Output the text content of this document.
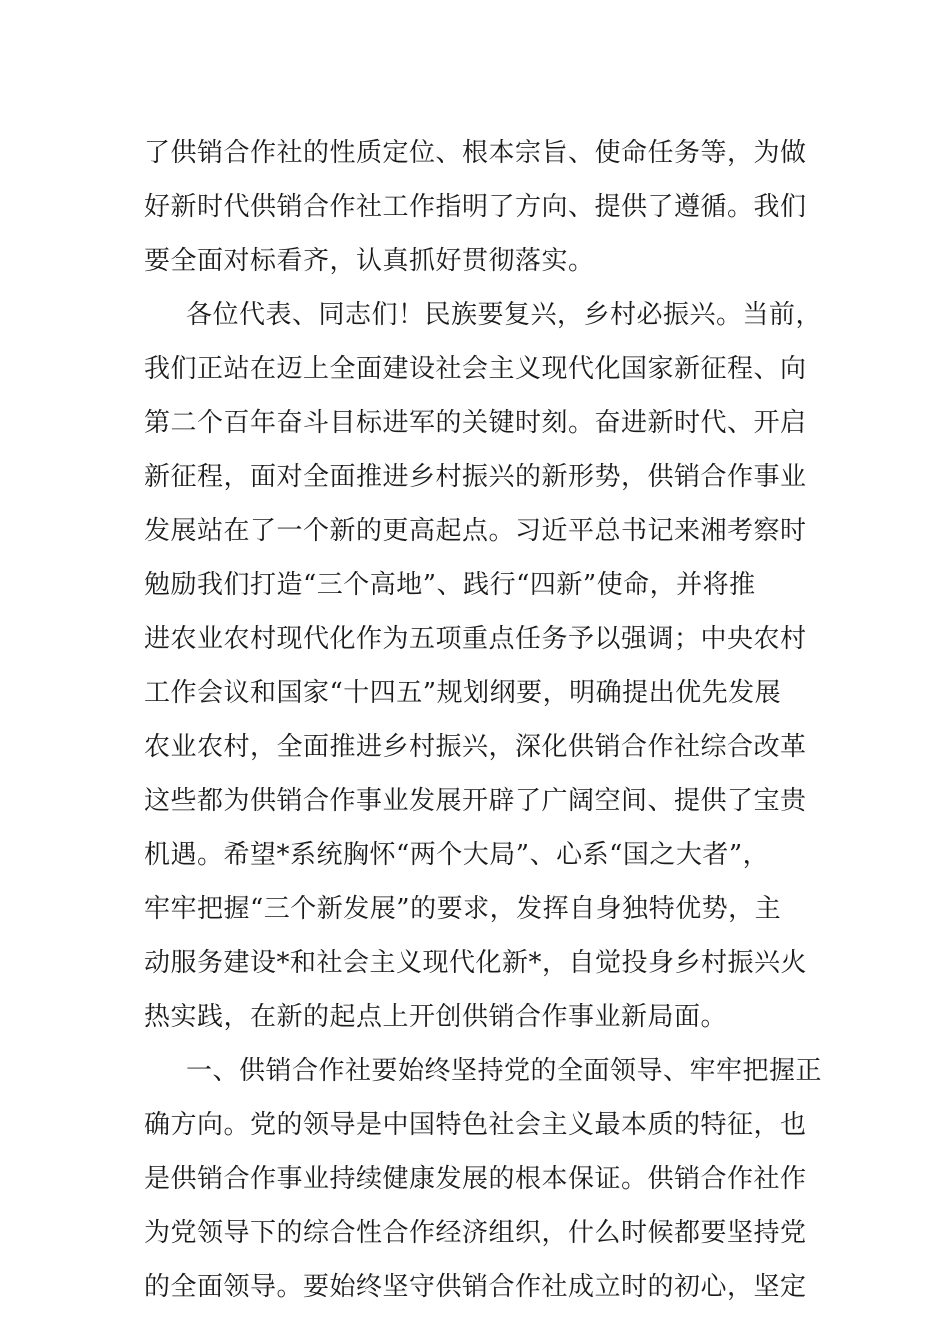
了供销合作社的性质定位、根本宗旨、使命任务等，为做
好新时代供销合作社工作指明了方向、提供了遵循。我们
要全面对标看齐，认真抓好贯彻落实。
各位代表、同志们！民族要复兴，乡村必振兴。当前，
我们正站在迈上全面建设社会主义现代化国家新征程、向
第二个百年奋斗目标进军的关键时刻。奋进新时代、开启
新征程，面对全面推进乡村振兴的新形势，供销合作事业
发展站在了一个新的更高起点。习近平总书记来湘考察时
勉励我们打造“三个高地”、践行“四新”使命，并将推
进农业农村现代化作为五项重点任务予以强调；中央农村
工作会议和国家“十四五”规划纲要，明确提出优先发展
农业农村，全面推进乡村振兴，深化供销合作社综合改革
这些都为供销合作事业发展开辟了广阔空间、提供了宝贵
机遇。希望*系统胸怀“两个大局”、心系“国之大者”，
牢牢把握“三个新发展”的要求，发挥自身独特优势，主
动服务建设*和社会主义现代化新*，自觉投身乡村振兴火
热实践，在新的起点上开创供销合作事业新局面。
一、供销合作社要始终坚持党的全面领导、牢牢把握正
确方向。党的领导是中国特色社会主义最本质的特征，也
是供销合作事业持续健康发展的根本保证。供销合作社作
为党领导下的综合性合作经济组织，什么时候都要坚持党
的全面领导。要始终坚守供销合作社成立时的初心，坚定
